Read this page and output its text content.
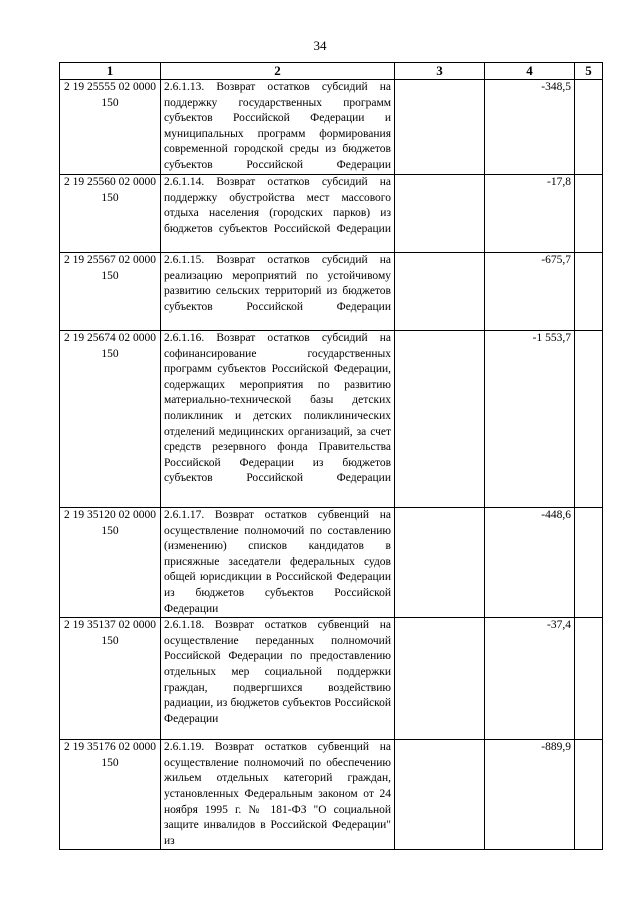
34
1	2	3	4	5
2 19 25555 02 0000 150	2.6.1.13. Возврат остатков субсидий на поддержку государственных программ субъектов Российской Федерации и муниципальных программ формирования современной городской среды из бюджетов субъектов Российской Федерации		-348,5	
2 19 25560 02 0000 150	2.6.1.14. Возврат остатков субсидий на поддержку обустройства мест массового отдыха населения (городских парков) из бюджетов субъектов Российской Федерации		-17,8	
2 19 25567 02 0000 150	2.6.1.15. Возврат остатков субсидий на реализацию мероприятий по устойчивому развитию сельских территорий из бюджетов субъектов Российской Федерации		-675,7	
2 19 25674 02 0000 150	2.6.1.16. Возврат остатков субсидий на софинансирование государственных программ субъектов Российской Федерации, содержащих мероприятия по развитию материально-технической базы детских поликлиник и детских поликлинических отделений медицинских организаций, за счет средств резервного фонда Правительства Российской Федерации из бюджетов субъектов Российской Федерации		-1 553,7	
2 19 35120 02 0000 150	2.6.1.17. Возврат остатков субвенций на осуществление полномочий по составлению (изменению) списков кандидатов в присяжные заседатели федеральных судов общей юрисдикции в Российской Федерации из бюджетов субъектов Российской Федерации		-448,6	
2 19 35137 02 0000 150	2.6.1.18. Возврат остатков субвенций на осуществление переданных полномочий Российской Федерации по предоставлению отдельных мер социальной поддержки граждан, подвергшихся воздействию радиации, из бюджетов субъектов Российской Федерации		-37,4	
2 19 35176 02 0000 150	2.6.1.19. Возврат остатков субвенций на осуществление полномочий по обеспечению жильем отдельных категорий граждан, установленных Федеральным законом от 24 ноября 1995 г. № 181-ФЗ "О социальной защите инвалидов в Российской Федерации" из		-889,9	
